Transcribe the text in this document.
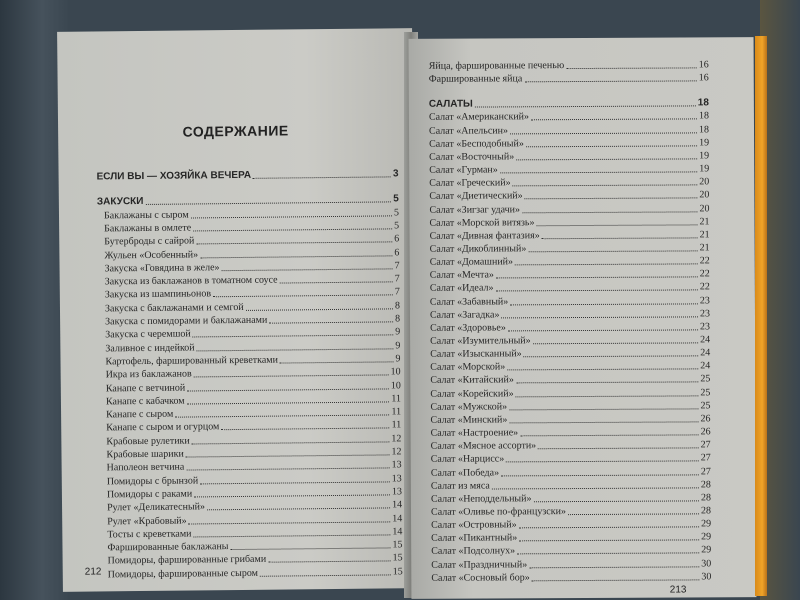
СОДЕРЖАНИЕ
ЕСЛИ ВЫ — ХОЗЯЙКА ВЕЧЕРА	3
ЗАКУСКИ	5
Баклажаны с сыром	5
Баклажаны в омлете	5
Бутерброды с сайрой	6
Жульен «Особенный»	6
Закуска «Говядина в желе»	7
Закуска из баклажанов в томатном соусе	7
Закуска из шампиньонов	7
Закуска с баклажанами и семгой	8
Закуска с помидорами и баклажанами	8
Закуска с черемшой	9
Заливное с индейкой	9
Картофель, фаршированный креветками	9
Икра из баклажанов	10
Канапе с ветчиной	10
Канапе с кабачком	11
Канапе с сыром	11
Канапе с сыром и огурцом	11
Крабовые рулетики	12
Крабовые шарики	12
Наполеон ветчина	13
Помидоры с брынзой	13
Помидоры с раками	13
Рулет «Деликатесный»	14
Рулет «Крабовый»	14
Тосты с креветками	14
Фаршированные баклажаны	15
Помидоры, фаршированные грибами	15
Помидоры, фаршированные сыром	15
212
Яйца, фаршированные печенью	16
Фаршированные яйца	16
САЛАТЫ	18
Салат «Американский»	18
Салат «Апельсин»	18
Салат «Бесподобный»	19
Салат «Восточный»	19
Салат «Гурман»	19
Салат «Греческий»	20
Салат «Диетический»	20
Салат «Зигзаг удачи»	20
Салат «Морской витязь»	21
Салат «Дивная фантазия»	21
Салат «Дикоблинный»	21
Салат «Домашний»	22
Салат «Мечта»	22
Салат «Идеал»	22
Салат «Забавный»	23
Салат «Загадка»	23
Салат «Здоровье»	23
Салат «Изумительный»	24
Салат «Изысканный»	24
Салат «Морской»	24
Салат «Китайский»	25
Салат «Корейский»	25
Салат «Мужской»	25
Салат «Минский»	26
Салат «Настроение»	26
Салат «Мясное ассорти»	27
Салат «Нарцисс»	27
Салат «Победа»	27
Салат из мяса	28
Салат «Неподдельный»	28
Салат «Оливье по-французски»	28
Салат «Островный»	29
Салат «Пикантный»	29
Салат «Подсолнух»	29
Салат «Праздничный»	30
Салат «Сосновый бор»	30
213
